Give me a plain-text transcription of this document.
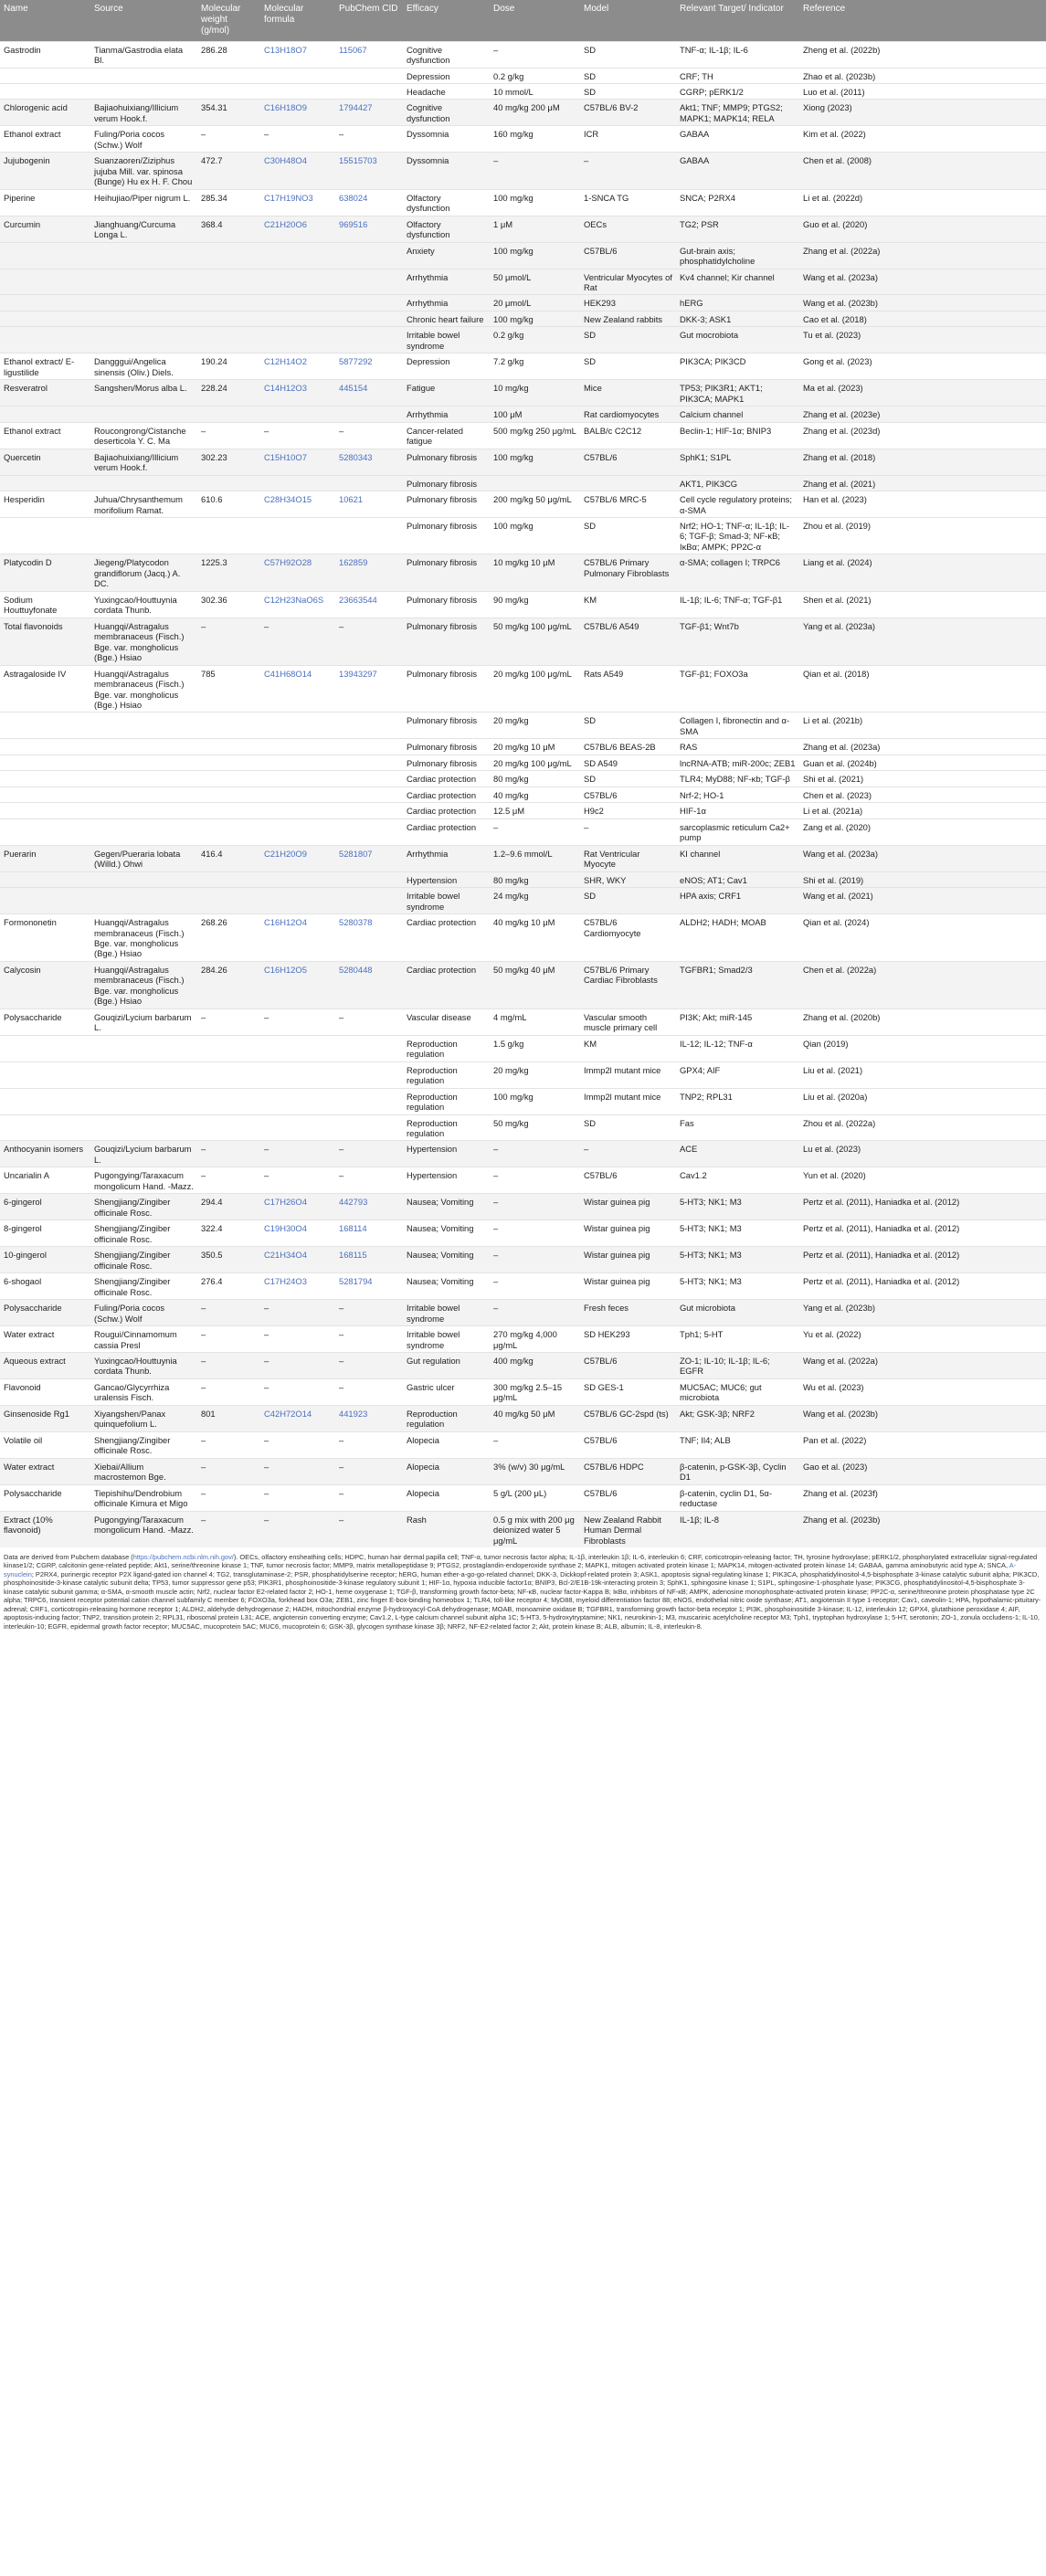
Name	Source	Molecular weight (g/mol)	Molecular formula	PubChem CID	Efficacy	Dose	Model	Relevant Target/ Indicator	Reference
Gastrodin	Tianma/Gastrodia elata Bl.	286.28	C13H18O7	115067	Cognitive dysfunction	–	SD	TNF-α; IL-1β; IL-6	Zheng et al. (2022b)
					Depression	0.2 g/kg	SD	CRF; TH	Zhao et al. (2023b)
					Headache	10 mmol/L	SD	CGRP; pERK1/2	Luo et al. (2011)
Chlorogenic acid	Bajiaohuixiang/Illicium verum Hook.f.	354.31	C16H18O9	1794427	Cognitive dysfunction	40 mg/kg 200 μM	C57BL/6 BV-2	Akt1; TNF; MMP9; PTGS2; MAPK1; MAPK14; RELA	Xiong (2023)
Ethanol extract	Fuling/Poria cocos (Schw.) Wolf	–	–	–	Dyssomnia	160 mg/kg	ICR	GABAA	Kim et al. (2022)
Jujubogenin	Suanzaoren/Ziziphus jujuba Mill. var. spinosa (Bunge) Hu ex H. F. Chou	472.7	C30H48O4	15515703	Dyssomnia	–	–	GABAA	Chen et al. (2008)
Piperine	Heihujiao/Piper nigrum L.	285.34	C17H19NO3	638024	Olfactory dysfunction	100 mg/kg	1-SNCA TG	SNCA; P2RX4	Li et al. (2022d)
Curcumin	Jianghuang/Curcuma Longa L.	368.4	C21H20O6	969516	Olfactory dysfunction	1 μM	OECs	TG2; PSR	Guo et al. (2020)
					Anxiety	100 mg/kg	C57BL/6	Gut-brain axis; phosphatidylcholine	Zhang et al. (2022a)
					Arrhythmia	50 μmol/L	Ventricular Myocytes of Rat	Kv4 channel; Kir channel	Wang et al. (2023a)
					Arrhythmia	20 μmol/L	HEK293	hERG	Wang et al. (2023b)
					Chronic heart failure	100 mg/kg	New Zealand rabbits	DKK-3; ASK1	Cao et al. (2018)
					Irritable bowel syndrome	0.2 g/kg	SD	Gut mocrobiota	Tu et al. (2023)
Ethanol extract/ E-ligustilide	Dangggui/Angelica sinensis (Oliv.) Diels.	190.24	C12H14O2	5877292	Depression	7.2 g/kg	SD	PIK3CA; PIK3CD	Gong et al. (2023)
Resveratrol	Sangshen/Morus alba L.	228.24	C14H12O3	445154	Fatigue	10 mg/kg	Mice	TP53; PIK3R1; AKT1; PIK3CA; MAPK1	Ma et al. (2023)
					Arrhythmia	100 μM	Rat cardiomyocytes	Calcium channel	Zhang et al. (2023e)
Ethanol extract	Roucongrong/Cistanche deserticola Y. C. Ma	–	–	–	Cancer-related fatigue	500 mg/kg 250 μg/mL	BALB/c C2C12	Beclin-1; HIF-1α; BNIP3	Zhang et al. (2023d)
Quercetin	Bajiaohuixiang/Illicium verum Hook.f.	302.23	C15H10O7	5280343	Pulmonary fibrosis	100 mg/kg	C57BL/6	SphK1; S1PL	Zhang et al. (2018)
					Pulmonary fibrosis			AKT1, PIK3CG	Zhang et al. (2021)
Hesperidin	Juhua/Chrysanthemum morifolium Ramat.	610.6	C28H34O15	10621	Pulmonary fibrosis	200 mg/kg 50 μg/mL	C57BL/6 MRC-5	Cell cycle regulatory proteins; α-SMA	Han et al. (2023)
					Pulmonary fibrosis	100 mg/kg	SD	Nrf2; HO-1; TNF-α; IL-1β; IL-6; TGF-β; Smad-3; NF-κB; IκBα; AMPK; PP2C-α	Zhou et al. (2019)
Platycodin D	Jiegeng/Platycodon grandiflorum (Jacq.) A. DC.	1225.3	C57H92O28	162859	Pulmonary fibrosis	10 mg/kg 10 μM	C57BL/6 Primary Pulmonary Fibroblasts	α-SMA; collagen I; TRPC6	Liang et al. (2024)
Sodium Houttuyfonate	Yuxingcao/Houttuynia cordata Thunb.	302.36	C12H23NaO6S	23663544	Pulmonary fibrosis	90 mg/kg	KM	IL-1β; IL-6; TNF-α; TGF-β1	Shen et al. (2021)
Total flavonoids	Huangqi/Astragalus membranaceus (Fisch.) Bge. var. mongholicus (Bge.) Hsiao	–	–	–	Pulmonary fibrosis	50 mg/kg 100 μg/mL	C57BL/6 A549	TGF-β1; Wnt7b	Yang et al. (2023a)
Astragaloside IV	Huangqi/Astragalus membranaceus (Fisch.) Bge. var. mongholicus (Bge.) Hsiao	785	C41H68O14	13943297	Pulmonary fibrosis	20 mg/kg 100 μg/mL	Rats A549	TGF-β1; FOXO3a	Qian et al. (2018)
					Pulmonary fibrosis	20 mg/kg	SD	Collagen I, fibronectin and α-SMA	Li et al. (2021b)
					Pulmonary fibrosis	20 mg/kg 10 μM	C57BL/6 BEAS-2B	RAS	Zhang et al. (2023a)
					Pulmonary fibrosis	20 mg/kg 100 μg/mL	SD A549	lncRNA-ATB; miR-200c; ZEB1	Guan et al. (2024b)
					Cardiac protection	80 mg/kg	SD	TLR4; MyD88; NF-κb; TGF-β	Shi et al. (2021)
					Cardiac protection	40 mg/kg	C57BL/6	Nrf-2; HO-1	Chen et al. (2023)
					Cardiac protection	12.5 μM	H9c2	HIF-1α	Li et al. (2021a)
					Cardiac protection	–	–	sarcoplasmic reticulum Ca2+ pump	Zang et al. (2020)
Puerarin	Gegen/Pueraria lobata (Willd.) Ohwi	416.4	C21H20O9	5281807	Arrhythmia	1.2–9.6 mmol/L	Rat Ventricular Myocyte	KI channel	Wang et al. (2023a)
					Hypertension	80 mg/kg	SHR, WKY	eNOS; AT1; Cav1	Shi et al. (2019)
					Irritable bowel syndrome	24 mg/kg	SD	HPA axis; CRF1	Wang et al. (2021)
Formononetin	Huangqi/Astragalus membranaceus (Fisch.) Bge. var. mongholicus (Bge.) Hsiao	268.26	C16H12O4	5280378	Cardiac protection	40 mg/kg 10 μM	C57BL/6 Cardiomyocyte	ALDH2; HADH; MOAB	Qian et al. (2024)
Calycosin	Huangqi/Astragalus membranaceus (Fisch.) Bge. var. mongholicus (Bge.) Hsiao	284.26	C16H12O5	5280448	Cardiac protection	50 mg/kg 40 μM	C57BL/6 Primary Cardiac Fibroblasts	TGFBR1; Smad2/3	Chen et al. (2022a)
Polysaccharide	Gouqizi/Lycium barbarum L.	–	–	–	Vascular disease	4 mg/mL	Vascular smooth muscle primary cell	PI3K; Akt; miR-145	Zhang et al. (2020b)
					Reproduction regulation	1.5 g/kg	KM	IL-12; IL-12; TNF-α	Qian (2019)
					Reproduction regulation	20 mg/kg	Immp2l mutant mice	GPX4; AIF	Liu et al. (2021)
					Reproduction regulation	100 mg/kg	Immp2l mutant mice	TNP2; RPL31	Liu et al. (2020a)
					Reproduction regulation	50 mg/kg	SD	Fas	Zhou et al. (2022a)
Anthocyanin isomers	Gouqizi/Lycium barbarum L.	–	–	–	Hypertension	–	–	ACE	Lu et al. (2023)
Uncarialin A	Pugongying/Taraxacum mongolicum Hand. -Mazz.	–	–	–	Hypertension	–	C57BL/6	Cav1.2	Yun et al. (2020)
6-gingerol	Shengjiang/Zingiber officinale Rosc.	294.4	C17H26O4	442793	Nausea; Vomiting	–	Wistar guinea pig	5-HT3; NK1; M3	Pertz et al. (2011), Haniadka et al. (2012)
8-gingerol	Shengjiang/Zingiber officinale Rosc.	322.4	C19H30O4	168114	Nausea; Vomiting	–	Wistar guinea pig	5-HT3; NK1; M3	Pertz et al. (2011), Haniadka et al. (2012)
10-gingerol	Shengjiang/Zingiber officinale Rosc.	350.5	C21H34O4	168115	Nausea; Vomiting	–	Wistar guinea pig	5-HT3; NK1; M3	Pertz et al. (2011), Haniadka et al. (2012)
6-shogaol	Shengjiang/Zingiber officinale Rosc.	276.4	C17H24O3	5281794	Nausea; Vomiting	–	Wistar guinea pig	5-HT3; NK1; M3	Pertz et al. (2011), Haniadka et al. (2012)
Polysaccharide	Fuling/Poria cocos (Schw.) Wolf	–	–	–	Irritable bowel syndrome	–	Fresh feces	Gut microbiota	Yang et al. (2023b)
Water extract	Rougui/Cinnamomum cassia Presl	–	–	–	Irritable bowel syndrome	270 mg/kg 4,000 μg/mL	SD HEK293	Tph1; 5-HT	Yu et al. (2022)
Aqueous extract	Yuxingcao/Houttuynia cordata Thunb.	–	–	–	Gut regulation	400 mg/kg	C57BL/6	ZO-1; IL-10; IL-1β; IL-6; EGFR	Wang et al. (2022a)
Flavonoid	Gancao/Glycyrrhiza uralensis Fisch.	–	–	–	Gastric ulcer	300 mg/kg 2.5–15 μg/mL	SD GES-1	MUC5AC; MUC6; gut microbiota	Wu et al. (2023)
Ginsenoside Rg1	Xiyangshen/Panax quinquefolium L.	801	C42H72O14	441923	Reproduction regulation	40 mg/kg 50 μM	C57BL/6 GC-2spd (ts)	Akt; GSK-3β; NRF2	Wang et al. (2023b)
Volatile oil	Shengjiang/Zingiber officinale Rosc.	–	–	–	Alopecia	–	C57BL/6	TNF; Il4; ALB	Pan et al. (2022)
Water extract	Xiebai/Allium macrostemon Bge.	–	–	–	Alopecia	3% (w/v) 30 μg/mL	C57BL/6 HDPC	β-catenin, p-GSK-3β, Cyclin D1	Gao et al. (2023)
Polysaccharide	Tiepishihu/Dendrobium officinale Kimura et Migo	–	–	–	Alopecia	5 g/L (200 μL)	C57BL/6	β-catenin, cyclin D1, 5α-reductase	Zhang et al. (2023f)
Extract (10% flavonoid)	Pugongying/Taraxacum mongolicum Hand. -Mazz.	–	–	–	Rash	0.5 g mix with 200 μg deionized water 5 μg/mL	New Zealand Rabbit Human Dermal Fibroblasts	IL-1β; IL-8	Zhang et al. (2023b)
Data are derived from Pubchem database (https://pubchem.ncbi.nlm.nih.gov/). OECs, olfactory ensheathing cells; HDPC, human hair dermal papilla cell; TNF-α, tumor necrosis factor alpha; IL-1β, interleukin 1β; IL-6, interleukin 6; CRF, corticotropin-releasing factor; TH, tyrosine hydroxylase; pERK1/2, phosphorylated extracellular signal-regulated kinase1/2; CGRP, calcitonin gene-related peptide; Akt1, serine/threonine kinase 1; TNF, tumor necrosis factor; MMP9, matrix metallopeptidase 9; PTGS2, prostaglandin-endoperoxide synthase 2; MAPK1, mitogen activated protein kinase 1; MAPK14, mitogen-activated protein kinase 14; GABAA, gamma aminobutyric acid type A; SNCA, A-synuclein; P2RX4, purinergic receptor P2X ligand-gated ion channel 4; TG2, transglutaminase-2; PSR, phosphatidylserine receptor; hERG, human ether-a-go-go-related channel; DKK-3, Dickkopf-related protein 3; ASK1, apoptosis signal-regulating kinase 1; PIK3CA, phosphatidylinositol-4,5-bisphosphate 3-kinase catalytic subunit alpha; PIK3CD, phosphoinositide-3-kinase catalytic subunit delta; TP53, tumor suppressor gene p53; PIK3R1, phosphoinositide-3-kinase regulatory subunit 1; HIF-1α, hypoxia inducible factor1α; BNIP3, Bcl-2/E1B-19k-interacting protein 3; SphK1, sphingosine kinase 1; S1PL, sphingosine-1-phosphate lyase; PIK3CG, phosphatidylinositol-4,5-bisphosphate 3-kinase catalytic subunit gamma; α-SMA, α-smooth muscle actin; Nrf2, nuclear factor E2-related factor 2; HO-1, heme oxygenase 1; TGF-β, transforming growth factor-beta; NF-κB, nuclear factor-Kappa B; IκBα, inhibitors of NF-κB; AMPK, adenosine monophosphate-activated protein kinase; PP2C-α, serine/threonine protein phosphatase type 2C alpha; TRPC6, transient receptor potential cation channel subfamily C member 6; FOXO3a, forkhead box O3a; ZEB1, zinc finger E-box-binding homeobox 1; TLR4, toll-like receptor 4; MyD88, myeloid differentiation factor 88; eNOS, endothelial nitric oxide synthase; AT1, angiotensin II type 1-receptor; Cav1, caveolin-1; HPA, hypothalamic-pituitary-adrenal; CRF1, corticotropin-releasing hormone receptor 1; ALDH2, aldehyde dehydrogenase 2; HADH, mitochondrial enzyme β-hydroxyacyl-CoA dehydrogenase; MOAB, monoamine oxidase B; TGFBR1, transforming growth factor-beta receptor 1; PI3K, phosphoinositide 3-kinase; IL-12, interleukin 12; GPX4, glutathione peroxidase 4; AIF, apoptosis-inducing factor; TNP2, transition protein 2; RPL31, ribosomal protein L31; ACE, angiotensin converting enzyme; Cav1.2, L-type calcium channel subunit alpha 1C; 5-HT3, 5-hydroxytryptamine; NK1, neurokinin-1; M3, muscarinic acetylcholine receptor M3; Tph1, tryptophan hydroxylase 1; 5-HT, serotonin; ZO-1, zonula occludens-1; IL-10, interleukin-10; EGFR, epidermal growth factor receptor; MUC5AC, mucoprotein 5AC; MUC6, mucoprotein 6; GSK-3β, glycogen synthase kinase 3β; NRF2, NF-E2-related factor 2; Akt, protein kinase B; ALB, albumin; IL-8, interleukin-8.
